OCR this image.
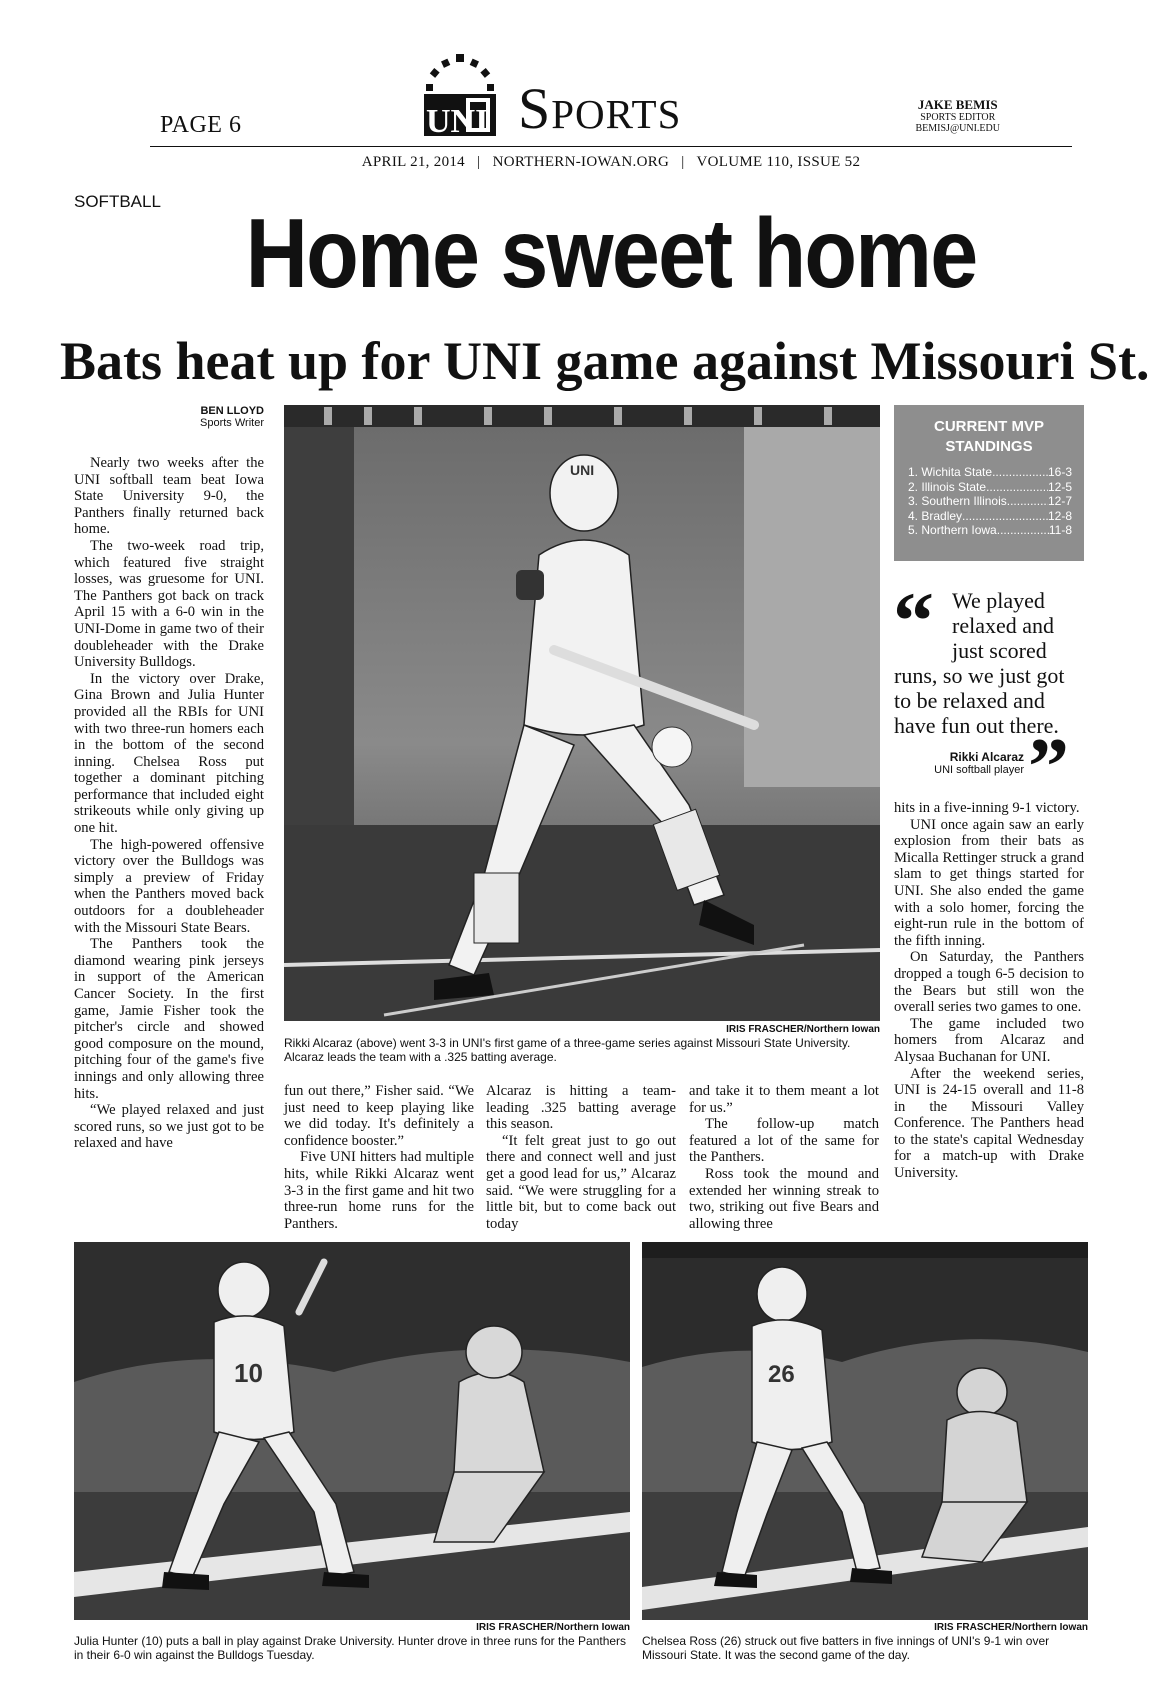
PAGE 6	UNI Sports	JAKE BEMIS
SPORTS EDITOR
BEMISJ@UNI.EDU
APRIL 21, 2014   |   NORTHERN-IOWAN.ORG   |   VOLUME 110, ISSUE 52
SOFTBALL Home sweet home
Bats heat up for UNI game against Missouri St.
BEN LLOYD
Sports Writer

Nearly two weeks after the UNI softball team beat Iowa State University 9-0, the Panthers finally returned back home.

The two-week road trip, which featured five straight losses, was gruesome for UNI. The Panthers got back on track April 15 with a 6-0 win in the UNI-Dome in game two of their doubleheader with the Drake University Bulldogs.

In the victory over Drake, Gina Brown and Julia Hunter provided all the RBIs for UNI with two three-run homers each in the bottom of the second inning. Chelsea Ross put together a dominant pitching performance that included eight strikeouts while only giving up one hit.

The high-powered offensive victory over the Bulldogs was simply a preview of Friday when the Panthers moved back outdoors for a doubleheader with the Missouri State Bears.

The Panthers took the diamond wearing pink jerseys in support of the American Cancer Society. In the first game, Jamie Fisher took the pitcher's circle and showed good composure on the mound, pitching four of the game's five innings and only allowing three hits.

“We played relaxed and just scored runs, so we just got to be relaxed and have

fun out there,” Fisher said. “We just need to keep playing like we did today. It's definitely a confidence booster.”

Five UNI hitters had multiple hits, while Rikki Alcaraz went 3-3 in the first game and hit two three-run home runs for the Panthers.

Alcaraz is hitting a team-leading .325 batting average this season.

“It felt great just to go out there and connect well and just get a good lead for us,” Alcaraz said. “We were struggling for a little bit, but to come back out today

and take it to them meant a lot for us.”

The follow-up match featured a lot of the same for the Panthers.

Ross took the mound and extended her winning streak to two, striking out five Bears and allowing three

hits in a five-inning 9-1 victory.

UNI once again saw an early explosion from their bats as Micalla Rettinger struck a grand slam to get things started for UNI. She also ended the game with a solo homer, forcing the eight-run rule in the bottom of the fifth inning.

On Saturday, the Panthers dropped a tough 6-5 decision to the Bears but still won the overall series two games to one.

The game included two homers from Alcaraz and Alysaa Buchanan for UNI.

After the weekend series, UNI is 24-15 overall and 11-8 in the Missouri Valley Conference. The Panthers head to the state's capital Wednesday for a match-up with Drake University.

UNI
IRIS FRASCHER/Northern Iowan
Rikki Alcaraz (above) went 3-3 in UNI's first game of a three-game series against Missouri State University. Alcaraz leads the team with a .325 batting average.
CURRENT MVP
STANDINGS
1. Wichita State .....	16-3
2. Illinois State .....	12-5
3. Southern Illinois .....	12-7
4. Bradley .....	12-8
5. Northern Iowa .....	11-8
“ We played relaxed and just scored runs, so we just got to be relaxed and have fun out there.
Rikki Alcaraz
UNI softball player ”
10
IRIS FRASCHER/Northern Iowan
Julia Hunter (10) puts a ball in play against Drake University. Hunter drove in three runs for the Panthers in their 6-0 win against the Bulldogs Tuesday.
26
IRIS FRASCHER/Northern Iowan
Chelsea Ross (26) struck out five batters in five innings of UNI's 9-1 win over Missouri State. It was the second game of the day.
